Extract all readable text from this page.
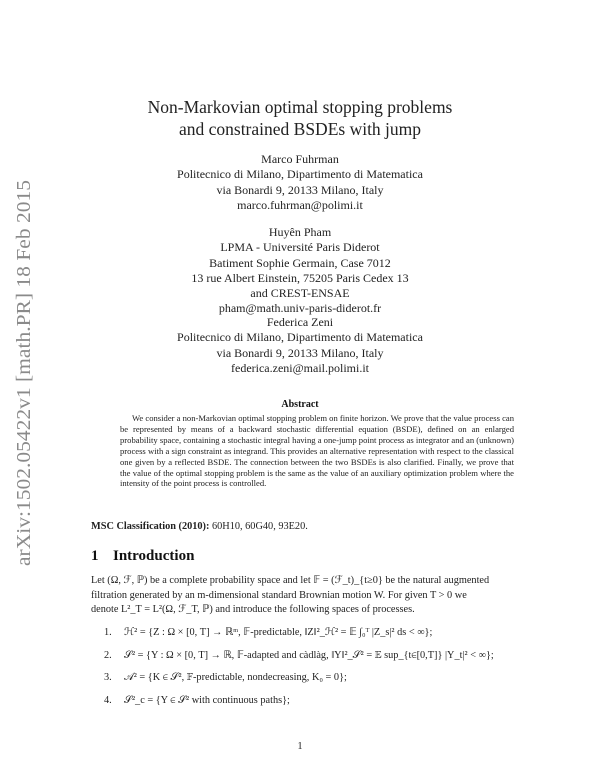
arXiv:1502.05422v1 [math.PR] 18 Feb 2015
Non-Markovian optimal stopping problems
and constrained BSDEs with jump
Marco Fuhrman
Politecnico di Milano, Dipartimento di Matematica
via Bonardi 9, 20133 Milano, Italy
marco.fuhrman@polimi.it
Huyên Pham
LPMA - Université Paris Diderot
Batiment Sophie Germain, Case 7012
13 rue Albert Einstein, 75205 Paris Cedex 13
and CREST-ENSAE
pham@math.univ-paris-diderot.fr
Federica Zeni
Politecnico di Milano, Dipartimento di Matematica
via Bonardi 9, 20133 Milano, Italy
federica.zeni@mail.polimi.it
Abstract
We consider a non-Markovian optimal stopping problem on finite horizon. We prove that the value process can be represented by means of a backward stochastic differential equation (BSDE), defined on an enlarged probability space, containing a stochastic integral having a one-jump point process as integrator and an (unknown) process with a sign constraint as integrand. This provides an alternative representation with respect to the classical one given by a reflected BSDE. The connection between the two BSDEs is also clarified. Finally, we prove that the value of the optimal stopping problem is the same as the value of an auxiliary optimization problem where the intensity of the point process is controlled.
MSC Classification (2010): 60H10, 60G40, 93E20.
1 Introduction
Let (Ω, ℱ, ℙ) be a complete probability space and let 𝔽 = (ℱ_t)_{t≥0} be the natural augmented
filtration generated by an m-dimensional standard Brownian motion W. For given T > 0 we
denote L²_T = L²(Ω, ℱ_T, ℙ) and introduce the following spaces of processes.
1. ℋ² = {Z : Ω × [0, T] → ℝᵐ, 𝔽-predictable, ‖Z‖²_ℋ² = 𝔼 ∫₀ᵀ |Z_s|² ds < ∞};
2. 𝒮² = {Y : Ω × [0, T] → ℝ, 𝔽-adapted and càdlàg, ‖Y‖²_𝒮² = 𝔼 sup_{t∈[0,T]} |Y_t|² < ∞};
3. 𝒜² = {K ∈ 𝒮², 𝔽-predictable, nondecreasing, K₀ = 0};
4. 𝒮²_c = {Y ∈ 𝒮² with continuous paths};
1
